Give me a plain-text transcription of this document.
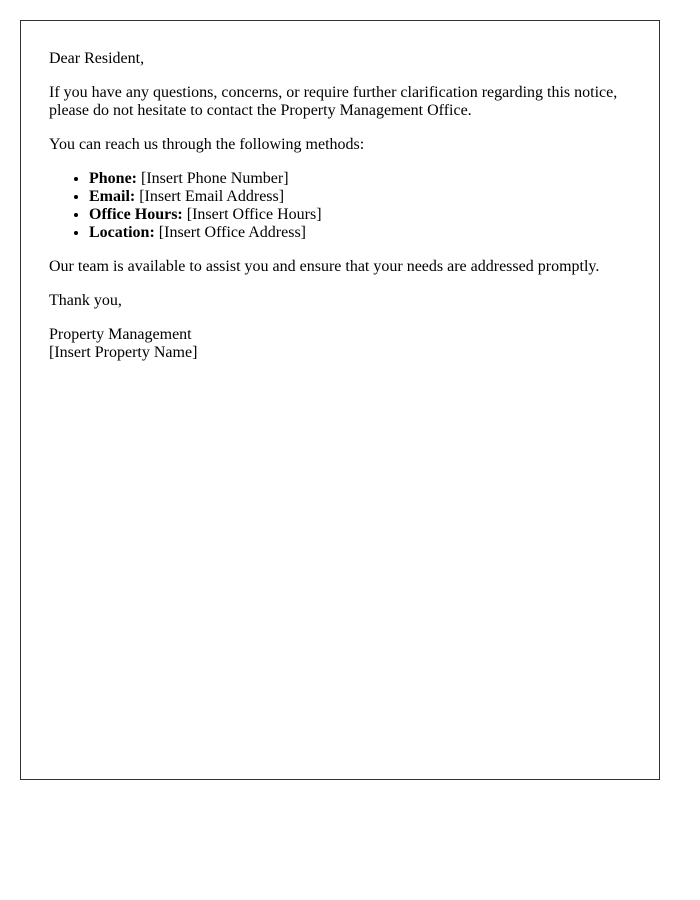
Dear Resident,

If you have any questions, concerns, or require further clarification regarding this notice, please do not hesitate to contact the Property Management Office.

You can reach us through the following methods:

• Phone: [Insert Phone Number]
• Email: [Insert Email Address]
• Office Hours: [Insert Office Hours]
• Location: [Insert Office Address]

Our team is available to assist you and ensure that your needs are addressed promptly.

Thank you,

Property Management

[Insert Property Name]
